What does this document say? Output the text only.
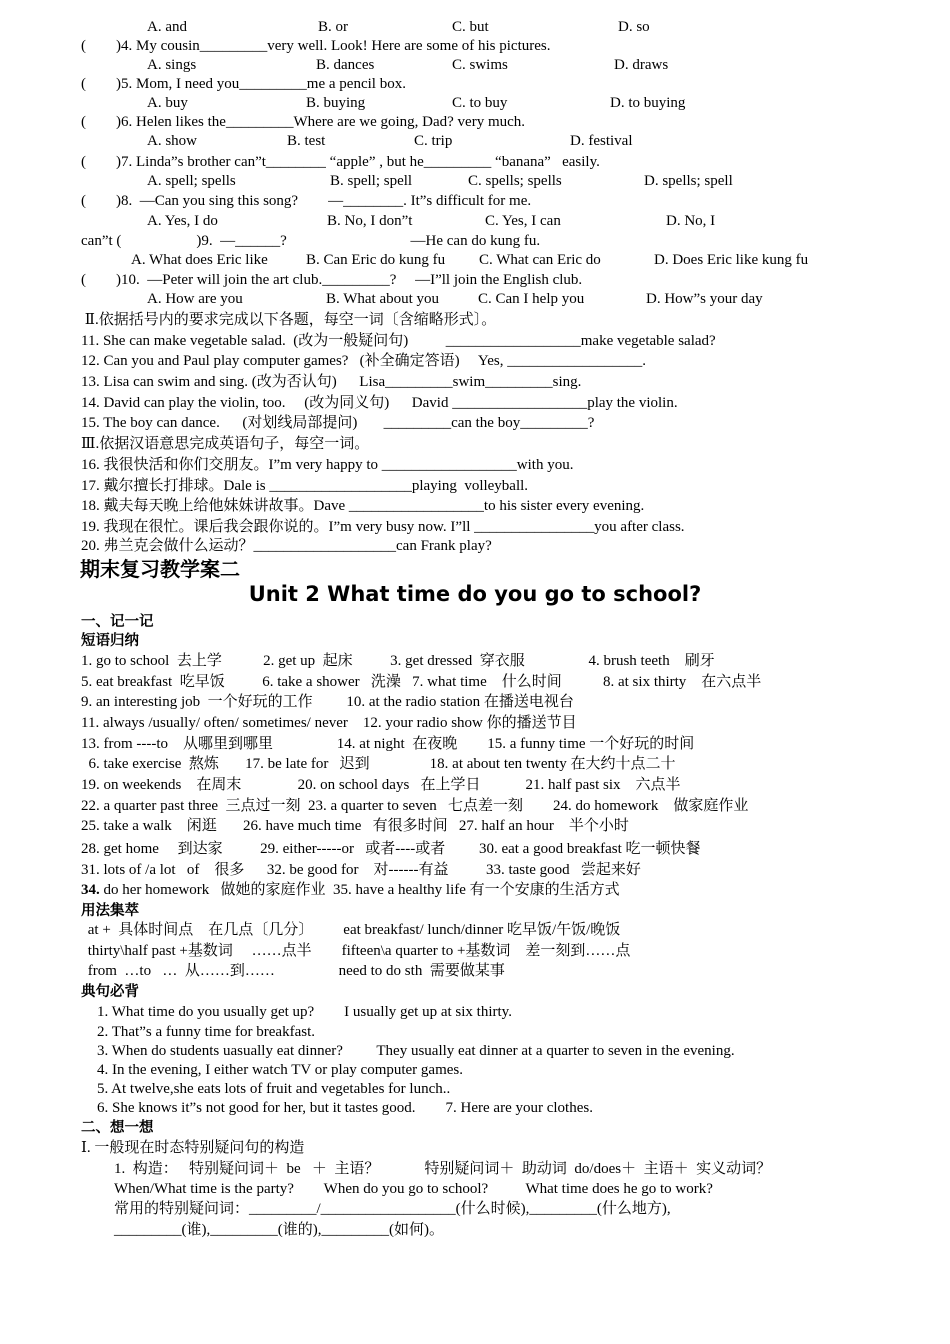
A. and	B. or	C. but	D. so
(        )4. My cousin_________very well. Look! Here are some of his pictures.
A. sings	B. dances	C. swims	D. draws
(        )5. Mom, I need you_________me a pencil box.
A. buy	B. buying	C. to buy	D. to buying
(        )6. Helen likes the_________Where are we going, Dad? very much.
A. show	B. test	C. trip	D. festival
(        )7. Linda”s brother can”t________ “apple” , but he_________ “banana”   easily.
A. spell; spells	B. spell; spell	C. spells; spells	D. spells; spell
(        )8.  —Can you sing this song?        —________. It”s difficult for me.
A. Yes, I do	B. No, I don”t	C. Yes, I can	D. No, I
can”t (                    )9.  —______?                                 —He can do kung fu.
A. What does Eric like	B. Can Eric do kung fu C. What can Eric do	D. Does Eric like kung fu
(        )10.  —Peter will join the art club._________?     —I”ll join the English club.
A. How are you	B. What about you	C. Can I help you	D. How”s your day
Ⅱ.依据括号内的要求完成以下各题，每空一词〔含缩略形式〕。
11. She can make vegetable salad.  (改为一般疑问句)          __________________make vegetable salad?
12. Can you and Paul play computer games?   (补全确定答语)     Yes, __________________.
13. Lisa can swim and sing. (改为否认句)      Lisa_________swim_________sing.
14. David can play the violin, too.     (改为同义句)      David __________________play the violin.
15. The boy can dance.      (对划线局部提问)       _________can the boy_________?
Ⅲ.依据汉语意思完成英语句子，每空一词。
16. 我很快活和你们交朋友。I”m very happy to __________________with you.
17. 戴尔擅长打排球。Dale is ___________________playing  volleyball.
18. 戴夫每天晚上给他妹妹讲故事。Dave __________________to his sister every evening.
19. 我现在很忙。课后我会跟你说的。I”m very busy now. I”ll ________________you after class.
20. 弗兰克会做什么运动？___________________can Frank play?
期末复习教学案二
Unit 2 What time do you go to school?
一、记一记
短语归纳
1. go to school  去上学           2. get up  起床          3. get dressed  穿衣服                 4. brush teeth    刷牙
5. eat breakfast  吃早饭          6. take a shower   洗澡   7. what time    什么时间           8. at six thirty    在六点半
9. an interesting job  一个好玩的工作         10. at the radio station 在播送电视台
11. always /usually/ often/ sometimes/ never    12. your radio show 你的播送节目
13. from ----to    从哪里到哪里                 14. at night  在夜晚        15. a funny time 一个好玩的时间
6. take exercise  熬炼       17. be late for   迟到                18. at about ten twenty 在大约十点二十
19. on weekends    在周末               20. on school days   在上学日            21. half past six    六点半
22. a quarter past three  三点过一刻  23. a quarter to seven   七点差一刻        24. do homework    做家庭作业
25. take a walk    闲逛       26. have much time   有很多时间   27. half an hour    半个小时
28. get home     到达家          29. either-----or   或者----或者         30. eat a good breakfast 吃一顿快餐
31. lots of /a lot   of    很多      32. be good for    对------有益          33. taste good   尝起来好
34. do her homework   做她的家庭作业  35. have a healthy life 有一个安康的生活方式
用法集萃
at +  具体时间点    在几点〔几分〕        eat breakfast/ lunch/dinner 吃早饭/午饭/晚饭
thirty\half past +基数词     ……点半        fifteen\a quarter to +基数词    差一刻到……点
from  …to   …  从……到……                 need to do sth  需要做某事
典句必背
1. What time do you usually get up?        I usually get up at six thirty.
2. That”s a funny time for breakfast.
3. When do students uasually eat dinner?         They usually eat dinner at a quarter to seven in the evening.
4. In the evening, I either watch TV or play computer games.
5. At twelve,she eats lots of fruit and vegetables for lunch..
6. She knows it”s not good for her, but it tastes good.        7. Here are your clothes.
二、想一想
Ⅰ. 一般现在时态特别疑问句的构造
1.  构造：   特别疑问词＋  be   ＋  主语？            特别疑问词＋  助动词  do/does＋  主语＋  实义动词？
When/What time is the party?        When do you go to school?          What time does he go to work?
常用的特别疑问词：_________/__________________(什么时候),_________(什么地方),
_________(谁),_________(谁的),_________(如何)。
